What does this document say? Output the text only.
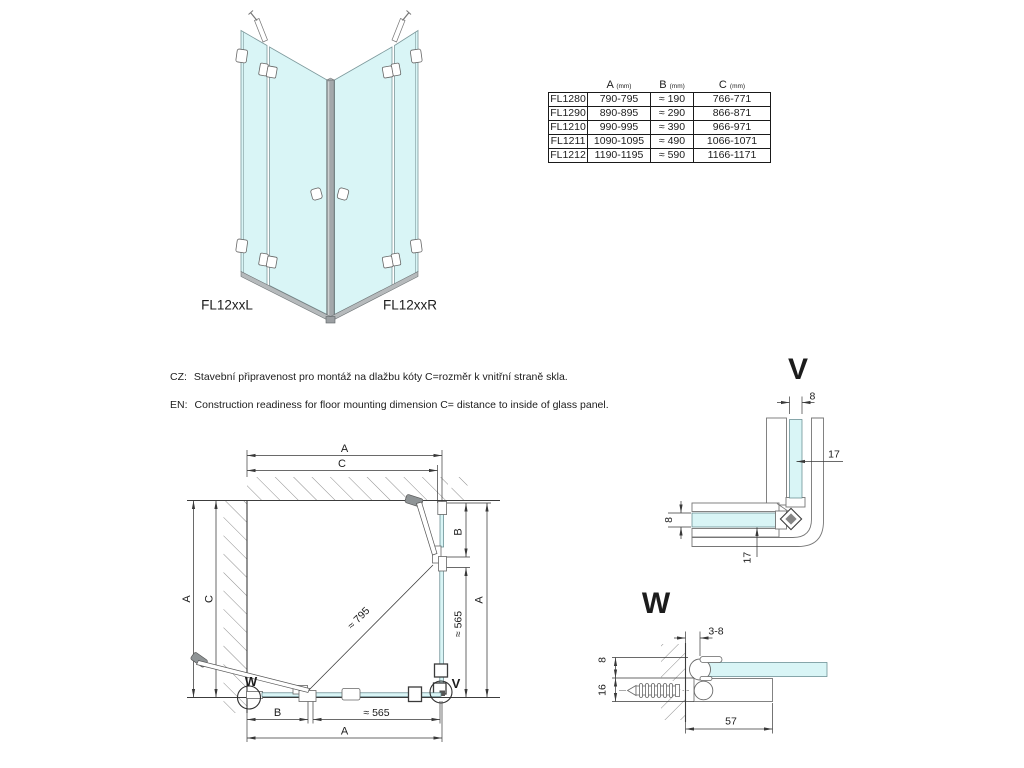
FL12xxL	FL12xxR
	A (mm)	B (mm)	C (mm)
FL1280	790-795	≈ 190	766-771
FL1290	890-895	≈ 290	866-871
FL1210	990-995	≈ 390	966-971
FL1211	1090-1095	≈ 490	1066-1071
FL1212	1190-1195	≈ 590	1166-1171
CZ: Stavební připravenost pro montáž na dlažbu kóty C=rozměr k vnitřní straně skla.
EN: Construction readiness for floor mounting dimension C= distance to inside of glass panel.
A
C
A C
B
≈ 565
A
B	≈ 565
A
≈ 795
W	V
V
8
17
8
17
W
3-8
8
16
57
